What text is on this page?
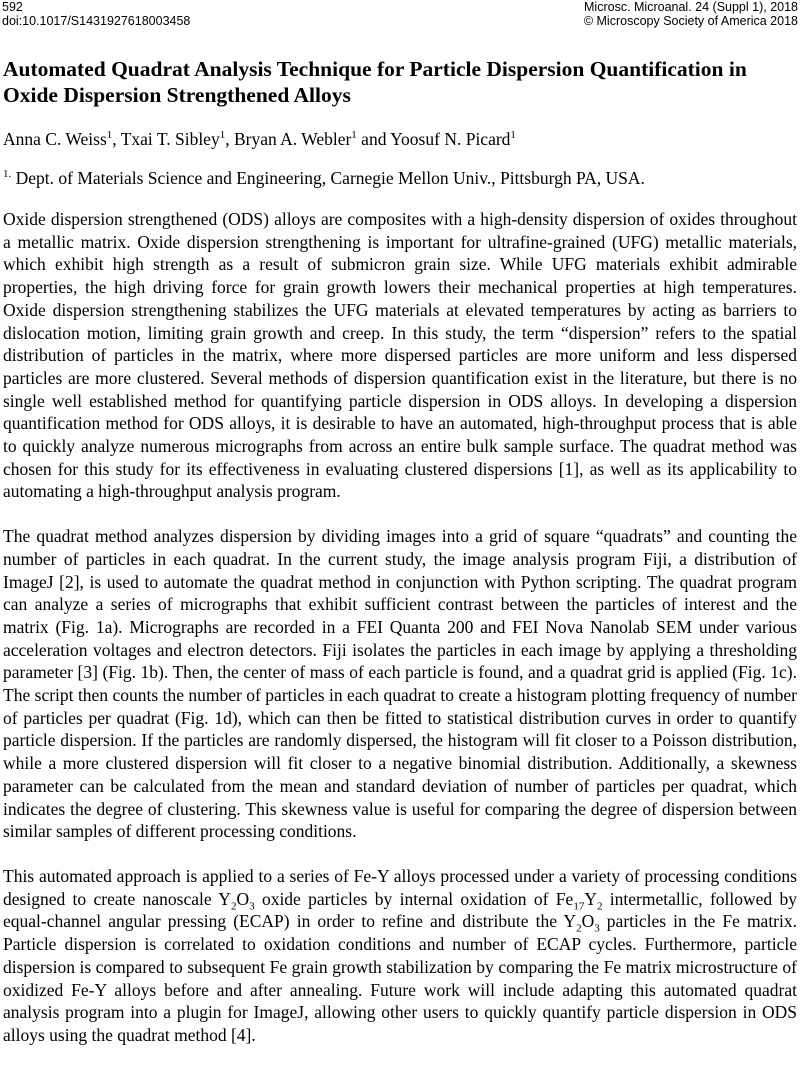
592	Microsc. Microanal. 24 (Suppl 1), 2018
doi:10.1017/S1431927618003458	© Microscopy Society of America 2018
Automated Quadrat Analysis Technique for Particle Dispersion Quantification in Oxide Dispersion Strengthened Alloys
Anna C. Weiss$^1$, Txai T. Sibley$^1$, Bryan A. Webler$^1$ and Yoosuf N. Picard$^1$
$^{1.}$ Dept. of Materials Science and Engineering, Carnegie Mellon Univ., Pittsburgh PA, USA.

Oxide dispersion strengthened (ODS) alloys are composites with a high-density dispersion of oxides throughout a metallic matrix. Oxide dispersion strengthening is important for ultrafine-grained (UFG) metallic materials, which exhibit high strength as a result of submicron grain size. While UFG materials exhibit admirable properties, the high driving force for grain growth lowers their mechanical properties at high temperatures. Oxide dispersion strengthening stabilizes the UFG materials at elevated temperatures by acting as barriers to dislocation motion, limiting grain growth and creep. In this study, the term “dispersion” refers to the spatial distribution of particles in the matrix, where more dispersed particles are more uniform and less dispersed particles are more clustered. Several methods of dispersion quantification exist in the literature, but there is no single well established method for quantifying particle dispersion in ODS alloys. In developing a dispersion quantification method for ODS alloys, it is desirable to have an automated, high-throughput process that is able to quickly analyze numerous micrographs from across an entire bulk sample surface. The quadrat method was chosen for this study for its effectiveness in evaluating clustered dispersions [1], as well as its applicability to automating a high-throughput analysis program.

The quadrat method analyzes dispersion by dividing images into a grid of square “quadrats” and counting the number of particles in each quadrat. In the current study, the image analysis program Fiji, a distribution of ImageJ [2], is used to automate the quadrat method in conjunction with Python scripting. The quadrat program can analyze a series of micrographs that exhibit sufficient contrast between the particles of interest and the matrix (Fig. 1a). Micrographs are recorded in a FEI Quanta 200 and FEI Nova Nanolab SEM under various acceleration voltages and electron detectors. Fiji isolates the particles in each image by applying a thresholding parameter [3] (Fig. 1b). Then, the center of mass of each particle is found, and a quadrat grid is applied (Fig. 1c). The script then counts the number of particles in each quadrat to create a histogram plotting frequency of number of particles per quadrat (Fig. 1d), which can then be fitted to statistical distribution curves in order to quantify particle dispersion. If the particles are randomly dispersed, the histogram will fit closer to a Poisson distribution, while a more clustered dispersion will fit closer to a negative binomial distribution. Additionally, a skewness parameter can be calculated from the mean and standard deviation of number of particles per quadrat, which indicates the degree of clustering. This skewness value is useful for comparing the degree of dispersion between similar samples of different processing conditions.

This automated approach is applied to a series of Fe-Y alloys processed under a variety of processing conditions designed to create nanoscale $Y_2O_3$ oxide particles by internal oxidation of $Fe_{17}Y_2$ intermetallic, followed by equal-channel angular pressing (ECAP) in order to refine and distribute the $Y_2O_3$ particles in the Fe matrix. Particle dispersion is correlated to oxidation conditions and number of ECAP cycles. Furthermore, particle dispersion is compared to subsequent Fe grain growth stabilization by comparing the Fe matrix microstructure of oxidized Fe-Y alloys before and after annealing. Future work will include adapting this automated quadrat analysis program into a plugin for ImageJ, allowing other users to quickly quantify particle dispersion in ODS alloys using the quadrat method [4].
